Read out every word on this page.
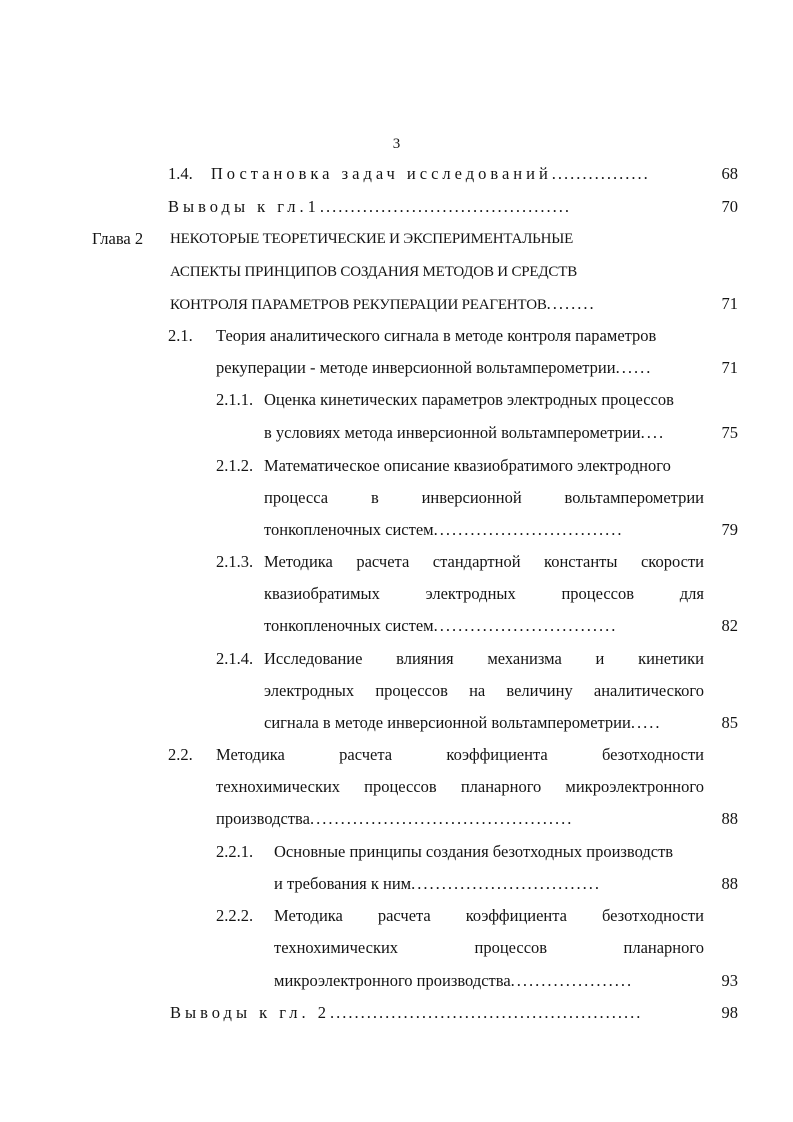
3
1.4. Постановка задач исследований................	68
Выводы к гл.1.........................................	70
Глава 2 НЕКОТОРЫЕ ТЕОРЕТИЧЕСКИЕ И ЭКСПЕРИМЕНТАЛЬНЫЕ
АСПЕКТЫ ПРИНЦИПОВ СОЗДАНИЯ МЕТОДОВ И СРЕДСТВ
КОНТРОЛЯ ПАРАМЕТРОВ РЕКУПЕРАЦИИ РЕАГЕНТОВ........	71
2.1. Теория аналитического сигнала в методе контроля параметров
рекуперации - методе инверсионной вольтамперометрии......	71
2.1.1. Оценка кинетических параметров электродных процессов
в условиях метода инверсионной вольтамперометрии....	75
2.1.2. Математическое описание квазиобратимого электродного
процесса	в	инверсионной	вольтамперометрии
тонкопленочных систем...............................	79
2.1.3. Методика расчета стандартной константы скорости
квазиобратимых	электродных	процессов	для
тонкопленочных систем..............................	82
2.1.4. Исследование влияния механизма и кинетики
электродных процессов на величину аналитического
сигнала в методе инверсионной вольтамперометрии.....	85
2.2. Методика	расчета	коэффициента	безотходности
технохимических процессов планарного микроэлектронного
производства...........................................	88
2.2.1. Основные принципы создания безотходных производств
и требования к ним...............................	88
2.2.2. Методика расчета коэффициента безотходности
технохимических	процессов	планарного
микроэлектронного производства....................	93
Выводы к гл. 2...................................................	98
